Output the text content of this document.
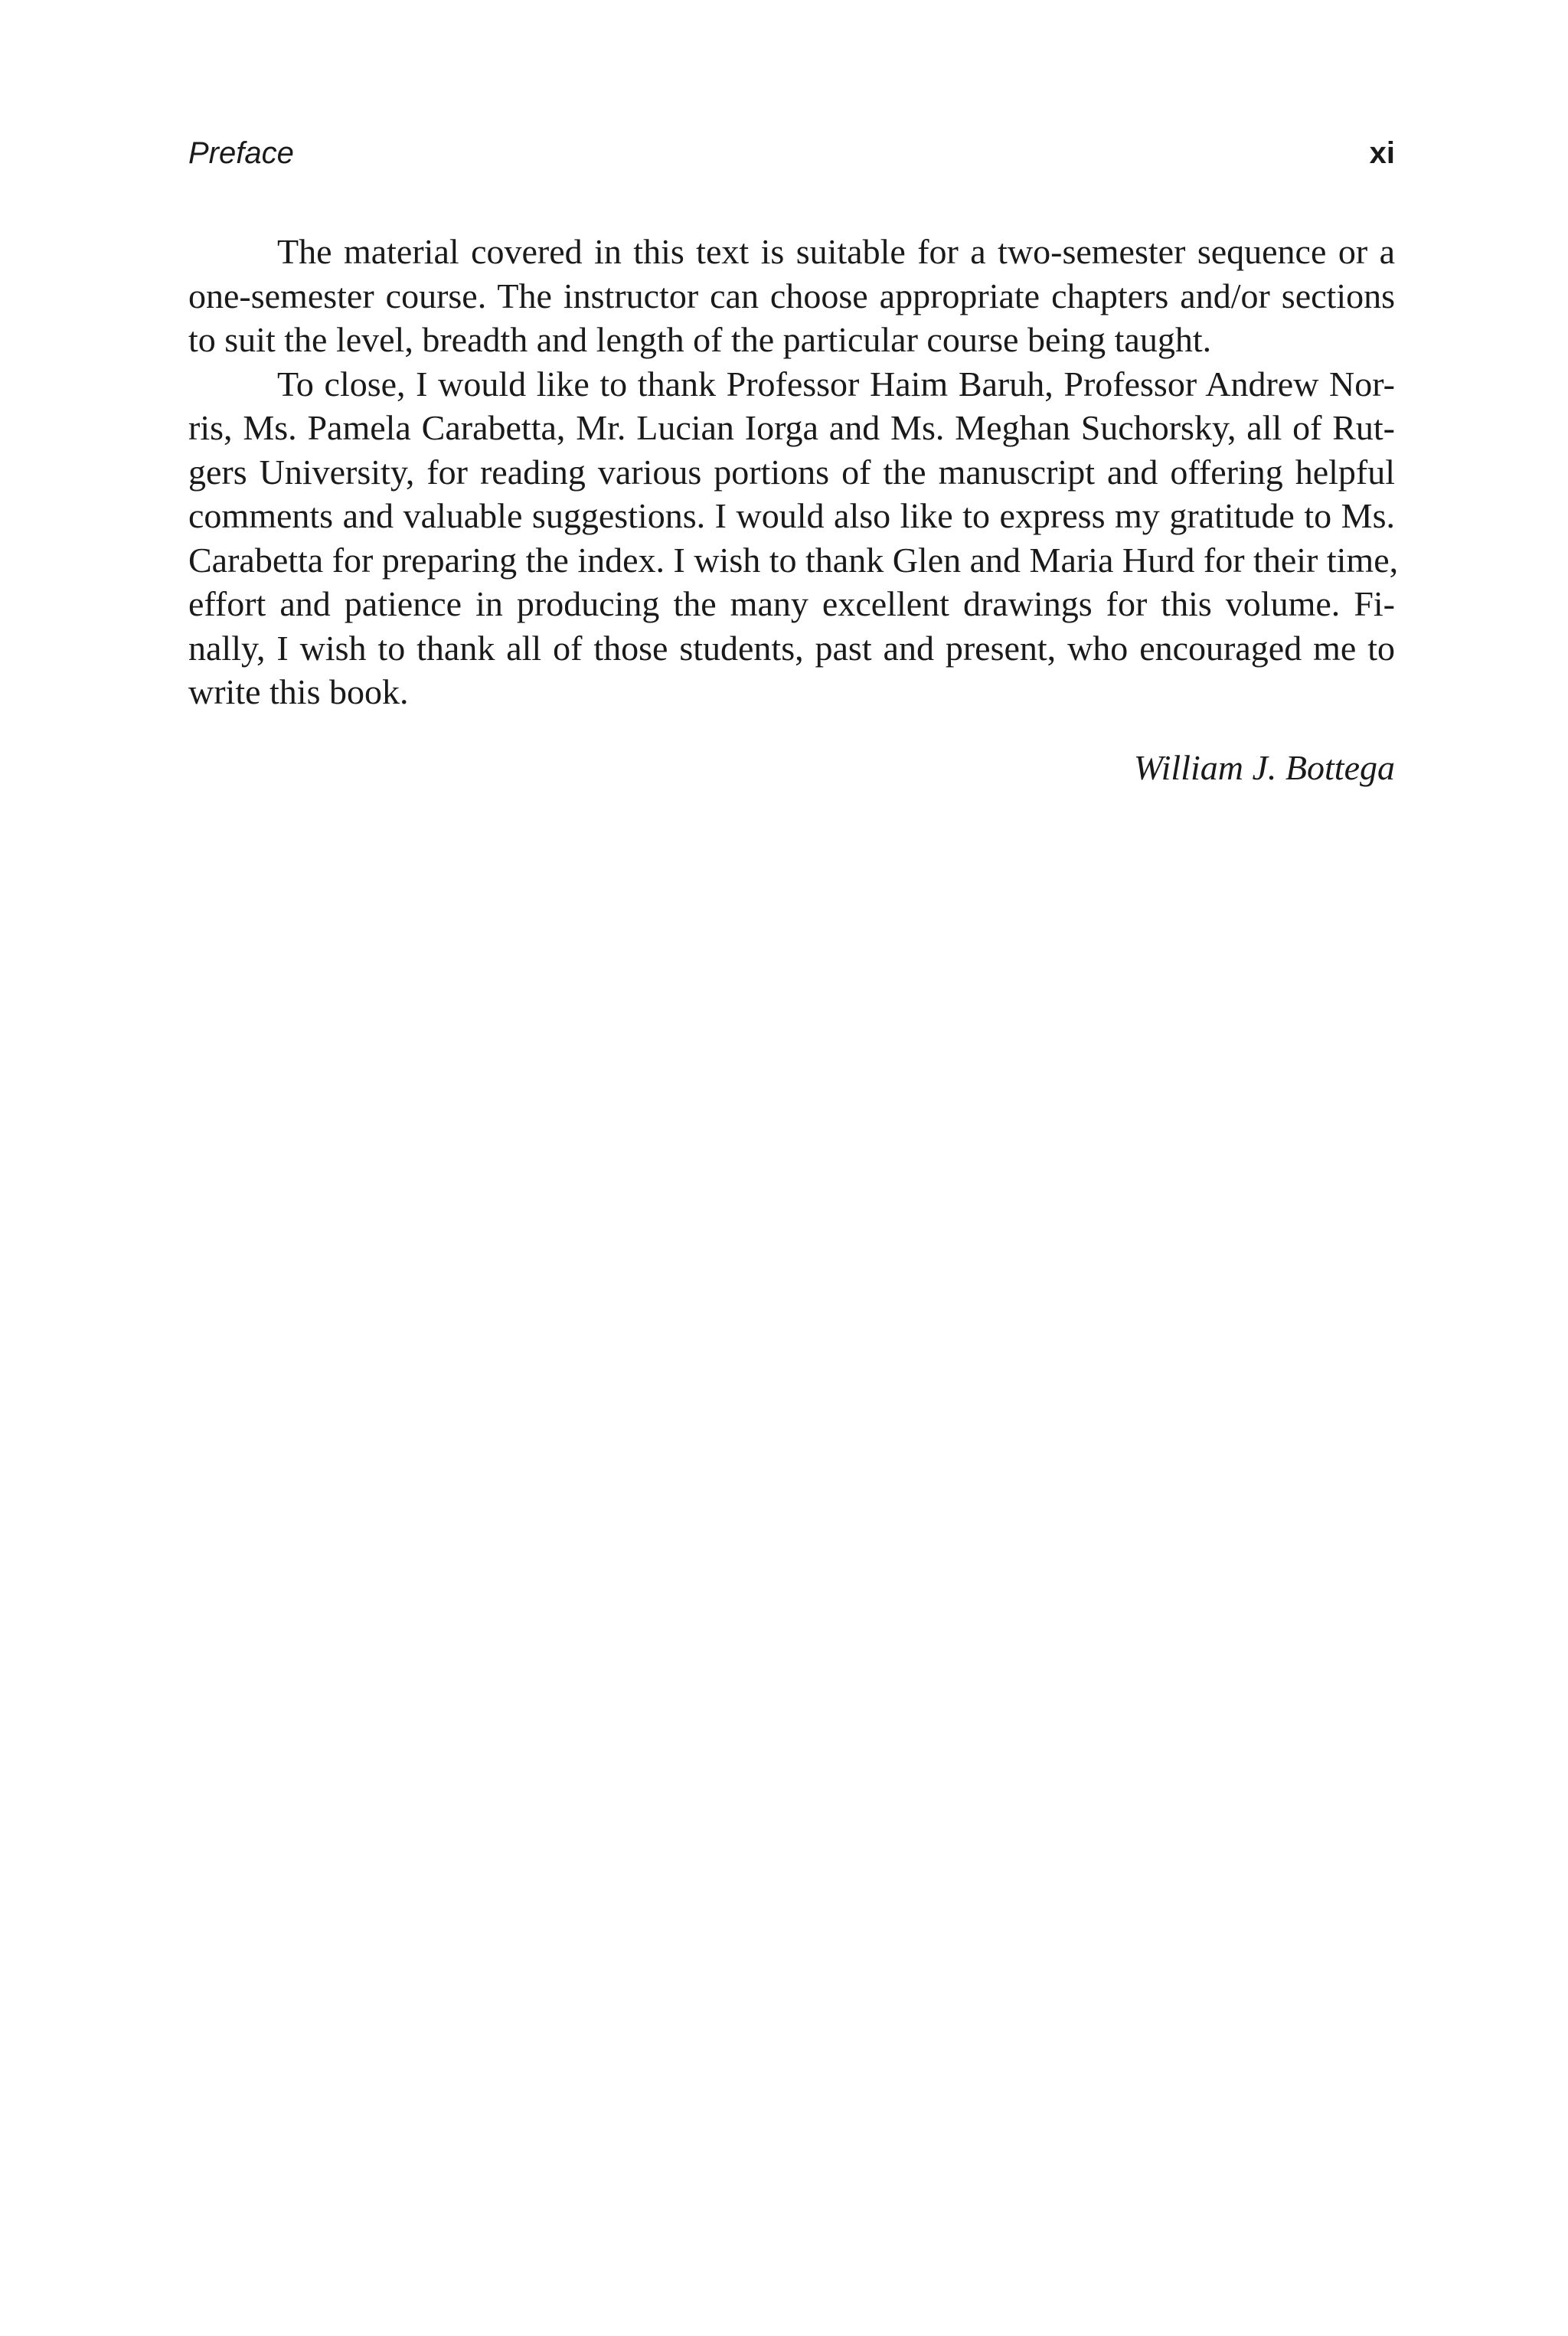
Preface	xi
The material covered in this text is suitable for a two-semester sequence or a
one-semester course. The instructor can choose appropriate chapters and/or sections
to suit the level, breadth and length of the particular course being taught.
To close, I would like to thank Professor Haim Baruh, Professor Andrew Nor-
ris, Ms. Pamela Carabetta, Mr. Lucian Iorga and Ms. Meghan Suchorsky, all of Rut-
gers University, for reading various portions of the manuscript and offering helpful
comments and valuable suggestions. I would also like to express my gratitude to Ms.
Carabetta for preparing the index. I wish to thank Glen and Maria Hurd for their time,
effort and patience in producing the many excellent drawings for this volume. Fi-
nally, I wish to thank all of those students, past and present, who encouraged me to
write this book.
William J. Bottega
